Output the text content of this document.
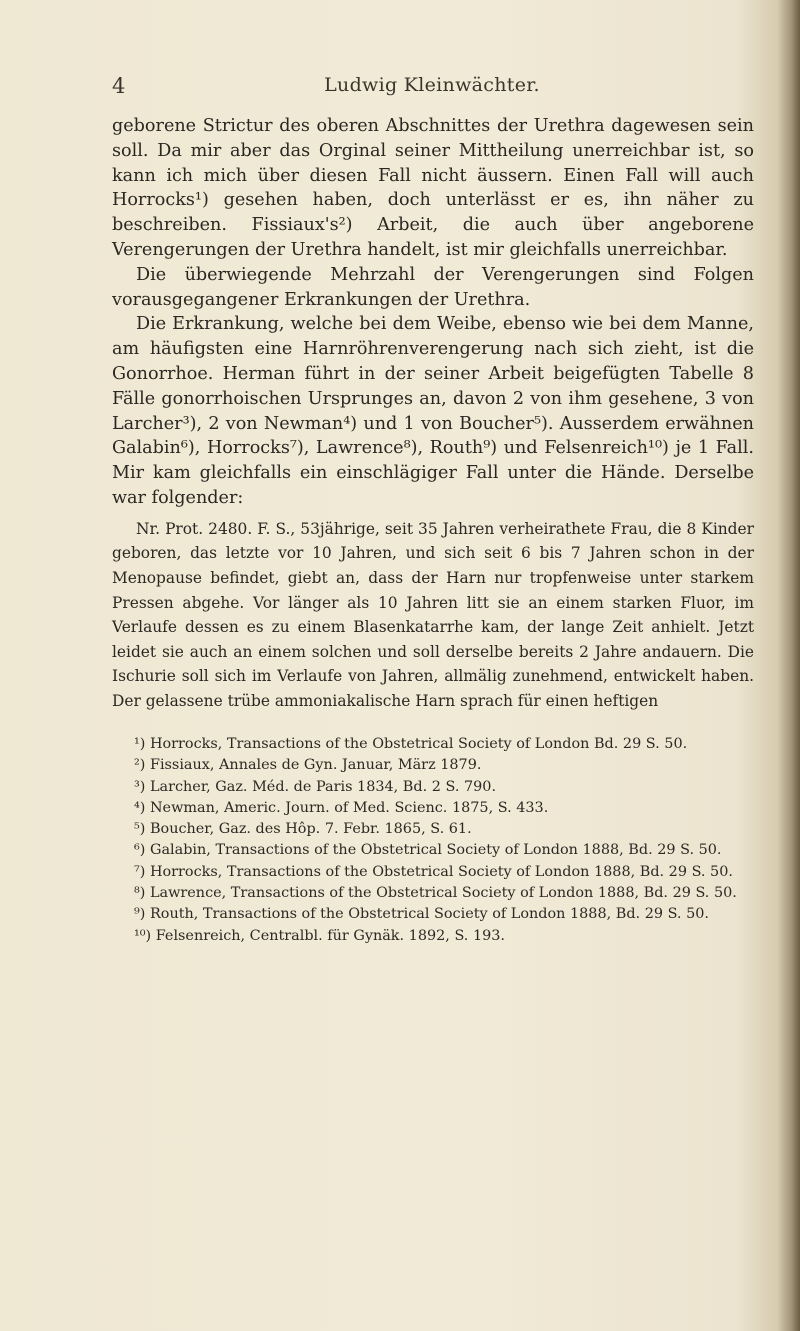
4	Ludwig Kleinwächter.

geborene Strictur des oberen Abschnittes der Urethra dagewesen sein soll. Da mir aber das Orginal seiner Mittheilung unerreichbar ist, so kann ich mich über diesen Fall nicht äussern. Einen Fall will auch Horrocks¹) gesehen haben, doch unterlässt er es, ihn näher zu beschreiben. Fissiaux's²) Arbeit, die auch über angeborene Verengerungen der Urethra handelt, ist mir gleichfalls unerreichbar.

Die überwiegende Mehrzahl der Verengerungen sind Folgen vorausgegangener Erkrankungen der Urethra.

Die Erkrankung, welche bei dem Weibe, ebenso wie bei dem Manne, am häufigsten eine Harnröhrenverengerung nach sich zieht, ist die Gonorrhoe. Herman führt in der seiner Arbeit beigefügten Tabelle 8 Fälle gonorrhoischen Ursprunges an, davon 2 von ihm gesehene, 3 von Larcher³), 2 von Newman⁴) und 1 von Boucher⁵). Ausserdem erwähnen Galabin⁶), Horrocks⁷), Lawrence⁸), Routh⁹) und Felsenreich¹⁰) je 1 Fall. Mir kam gleichfalls ein einschlägiger Fall unter die Hände. Derselbe war folgender:

Nr. Prot. 2480. F. S., 53jährige, seit 35 Jahren verheirathete Frau, die 8 Kinder geboren, das letzte vor 10 Jahren, und sich seit 6 bis 7 Jahren schon in der Menopause befindet, giebt an, dass der Harn nur tropfenweise unter starkem Pressen abgehe. Vor länger als 10 Jahren litt sie an einem starken Fluor, im Verlaufe dessen es zu einem Blasenkatarrhe kam, der lange Zeit anhielt. Jetzt leidet sie auch an einem solchen und soll derselbe bereits 2 Jahre andauern. Die Ischurie soll sich im Verlaufe von Jahren, allmälig zunehmend, entwickelt haben. Der gelassene trübe ammoniakalische Harn sprach für einen heftigen

¹) Horrocks, Transactions of the Obstetrical Society of London Bd. 29 S. 50.

²) Fissiaux, Annales de Gyn. Januar, März 1879.

³) Larcher, Gaz. Méd. de Paris 1834, Bd. 2 S. 790.

⁴) Newman, Americ. Journ. of Med. Scienc. 1875, S. 433.

⁵) Boucher, Gaz. des Hôp. 7. Febr. 1865, S. 61.

⁶) Galabin, Transactions of the Obstetrical Society of London 1888, Bd. 29 S. 50.

⁷) Horrocks, Transactions of the Obstetrical Society of London 1888, Bd. 29 S. 50.

⁸) Lawrence, Transactions of the Obstetrical Society of London 1888, Bd. 29 S. 50.

⁹) Routh, Transactions of the Obstetrical Society of London 1888, Bd. 29 S. 50.

¹⁰) Felsenreich, Centralbl. für Gynäk. 1892, S. 193.
